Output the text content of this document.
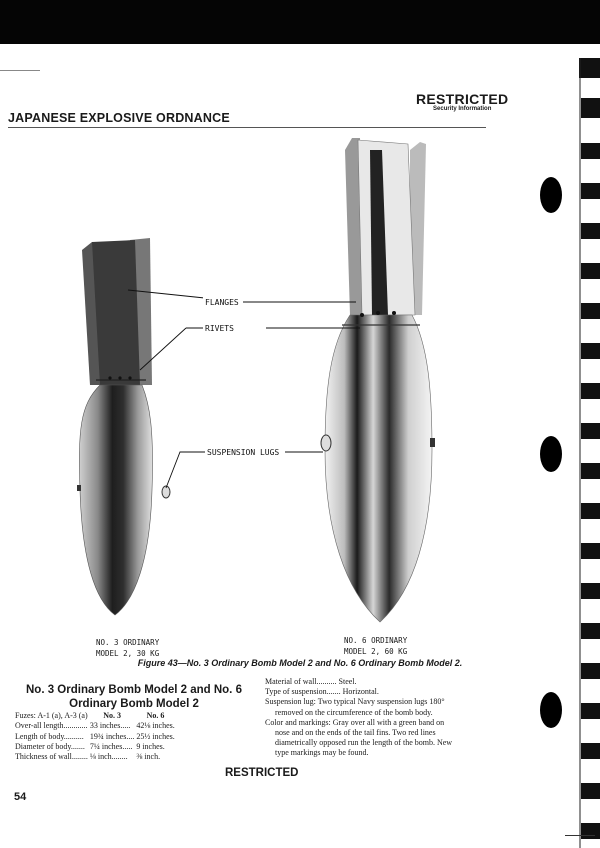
JAPANESE EXPLOSIVE ORDNANCE
RESTRICTED
Security Information
FLANGES
RIVETS
SUSPENSION LUGS
NO. 3 ORDINARY
MODEL 2, 30 KG
NO. 6 ORDINARY
MODEL 2, 60 KG
Figure 43—No. 3 Ordinary Bomb Model 2 and No. 6 Ordinary Bomb Model 2.
No. 3 Ordinary Bomb Model 2 and No. 6
Ordinary Bomb Model 2
Fuzes: A-1 (a), A-3 (a)	No. 3	No. 6
Over-all length............	33 inches.....	42⅛ inches.
Length of body..........	19¾ inches....	25½ inches.
Diameter of body.......	7¼ inches.....	9 inches.
Thickness of wall........	⅛ inch........	⅜ inch.

Material of wall.......... Steel.

Type of suspension....... Horizontal.

Suspension lug: Two typical Navy suspension lugs 180°

removed on the circumference of the bomb body.

Color and markings: Gray over all with a green band on

nose and on the ends of the tail fins. Two red lines

diametrically opposed run the length of the bomb. New

type markings may be found.

RESTRICTED
54
